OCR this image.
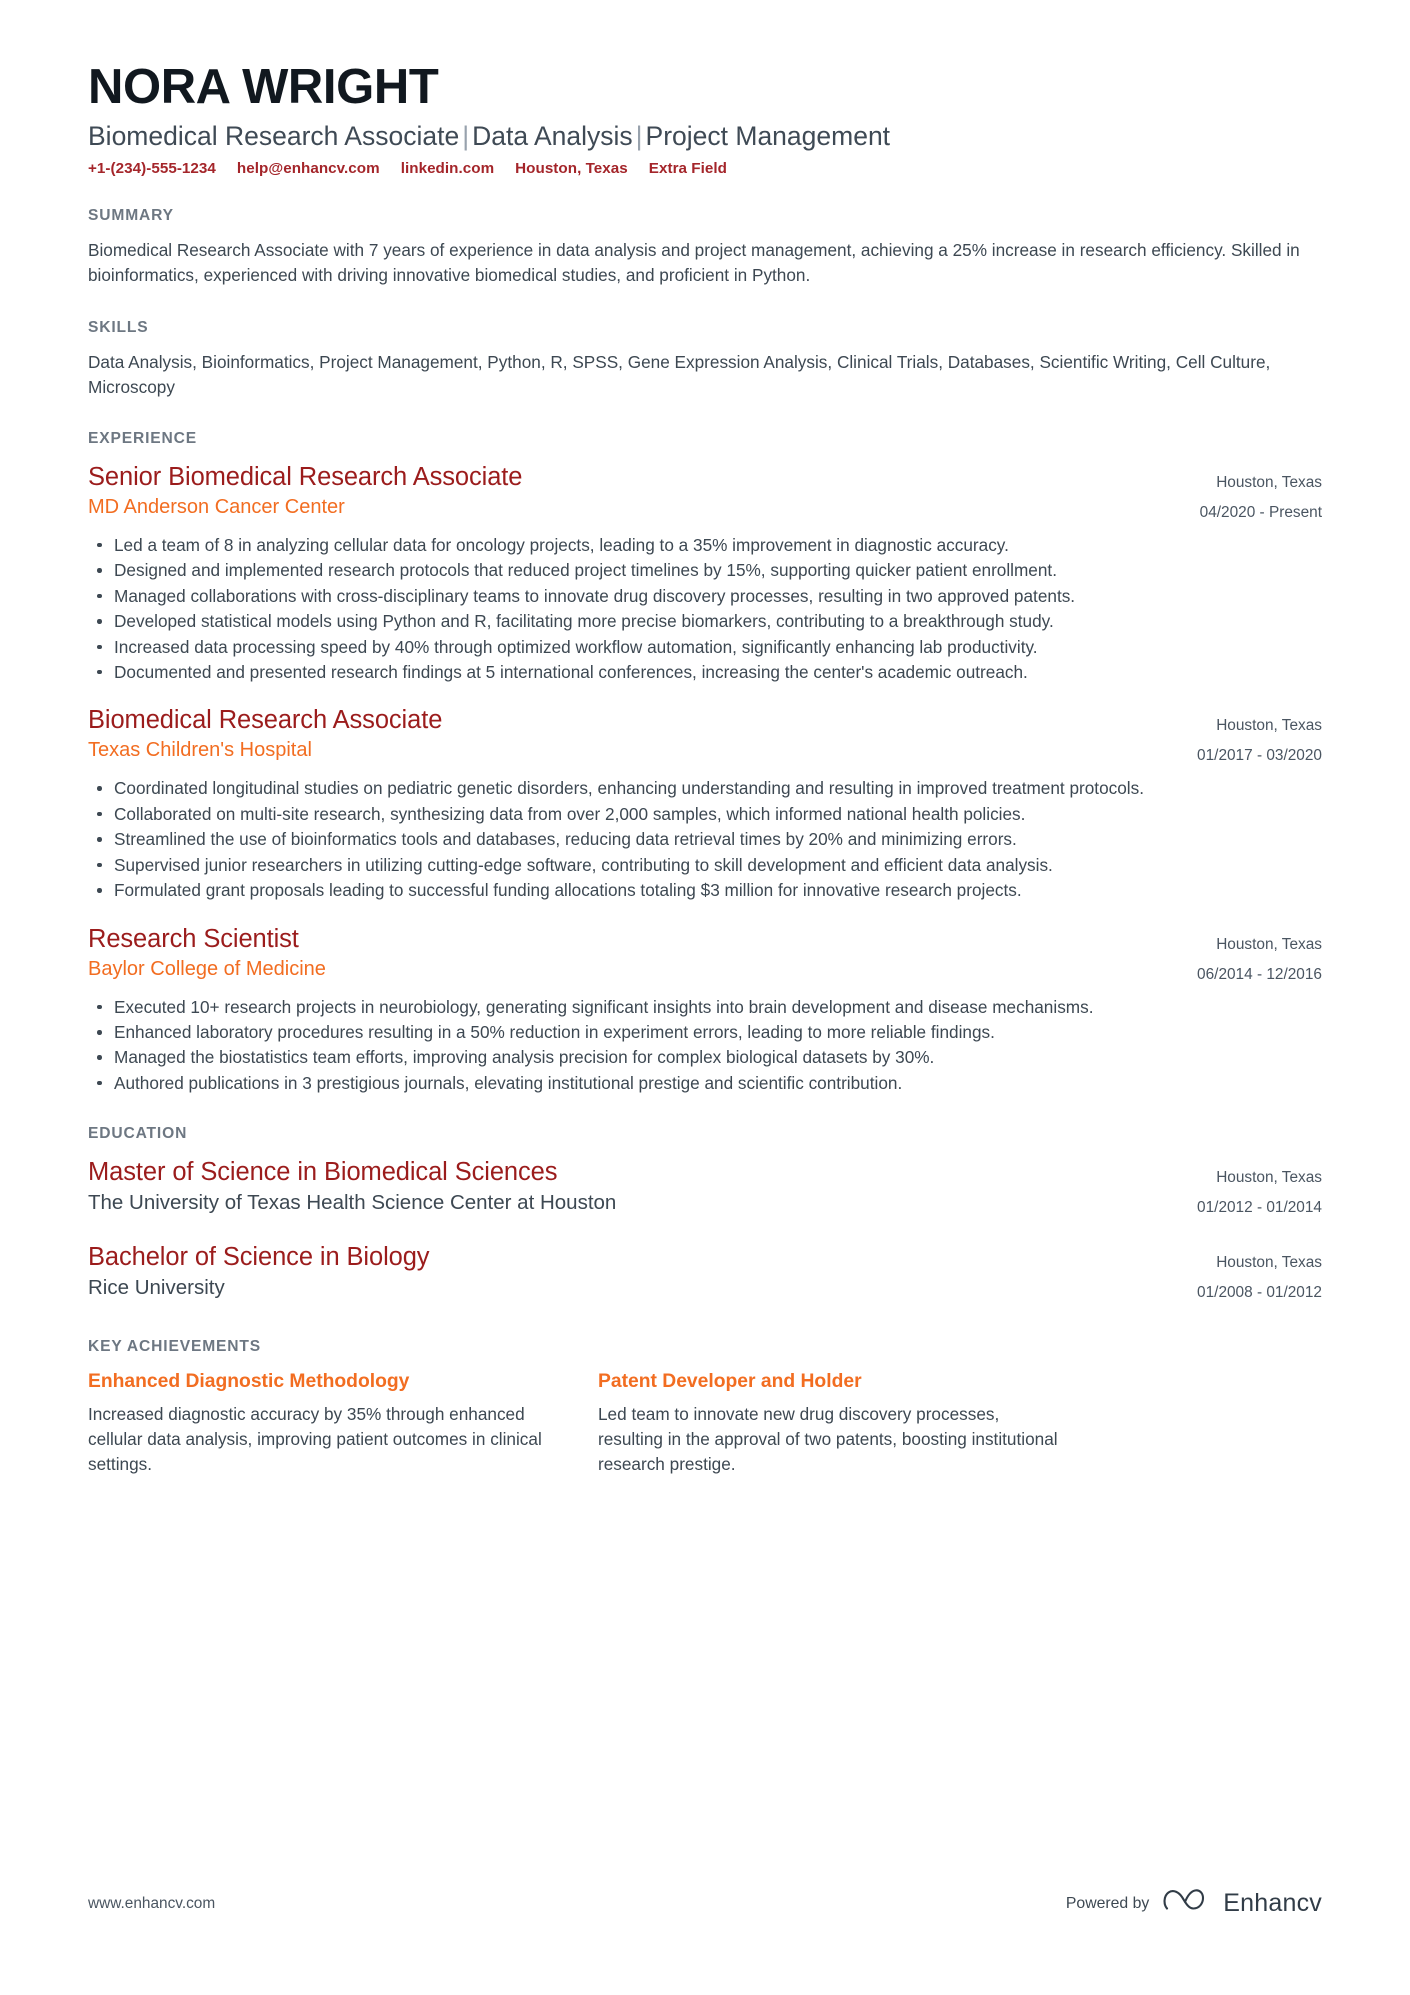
NORA WRIGHT
Biomedical Research Associate | Data Analysis | Project Management
+1-(234)-555-1234 help@enhancv.com linkedin.com Houston, Texas Extra Field
SUMMARY
Biomedical Research Associate with 7 years of experience in data analysis and project management, achieving a 25% increase in research efficiency. Skilled in bioinformatics, experienced with driving innovative biomedical studies, and proficient in Python.
SKILLS
Data Analysis, Bioinformatics, Project Management, Python, R, SPSS, Gene Expression Analysis, Clinical Trials, Databases, Scientific Writing, Cell Culture, Microscopy
EXPERIENCE
Senior Biomedical Research Associate
MD Anderson Cancer Center
Houston, Texas
04/2020 - Present
Led a team of 8 in analyzing cellular data for oncology projects, leading to a 35% improvement in diagnostic accuracy.
Designed and implemented research protocols that reduced project timelines by 15%, supporting quicker patient enrollment.
Managed collaborations with cross-disciplinary teams to innovate drug discovery processes, resulting in two approved patents.
Developed statistical models using Python and R, facilitating more precise biomarkers, contributing to a breakthrough study.
Increased data processing speed by 40% through optimized workflow automation, significantly enhancing lab productivity.
Documented and presented research findings at 5 international conferences, increasing the center's academic outreach.
Biomedical Research Associate
Texas Children's Hospital
Houston, Texas
01/2017 - 03/2020
Coordinated longitudinal studies on pediatric genetic disorders, enhancing understanding and resulting in improved treatment protocols.
Collaborated on multi-site research, synthesizing data from over 2,000 samples, which informed national health policies.
Streamlined the use of bioinformatics tools and databases, reducing data retrieval times by 20% and minimizing errors.
Supervised junior researchers in utilizing cutting-edge software, contributing to skill development and efficient data analysis.
Formulated grant proposals leading to successful funding allocations totaling $3 million for innovative research projects.
Research Scientist
Baylor College of Medicine
Houston, Texas
06/2014 - 12/2016
Executed 10+ research projects in neurobiology, generating significant insights into brain development and disease mechanisms.
Enhanced laboratory procedures resulting in a 50% reduction in experiment errors, leading to more reliable findings.
Managed the biostatistics team efforts, improving analysis precision for complex biological datasets by 30%.
Authored publications in 3 prestigious journals, elevating institutional prestige and scientific contribution.
EDUCATION
Master of Science in Biomedical Sciences
The University of Texas Health Science Center at Houston
Houston, Texas
01/2012 - 01/2014
Bachelor of Science in Biology
Rice University
Houston, Texas
01/2008 - 01/2012
KEY ACHIEVEMENTS
Enhanced Diagnostic Methodology
Increased diagnostic accuracy by 35% through enhanced cellular data analysis, improving patient outcomes in clinical settings.
Patent Developer and Holder
Led team to innovate new drug discovery processes, resulting in the approval of two patents, boosting institutional research prestige.
www.enhancv.com	Powered by	Enhancv
